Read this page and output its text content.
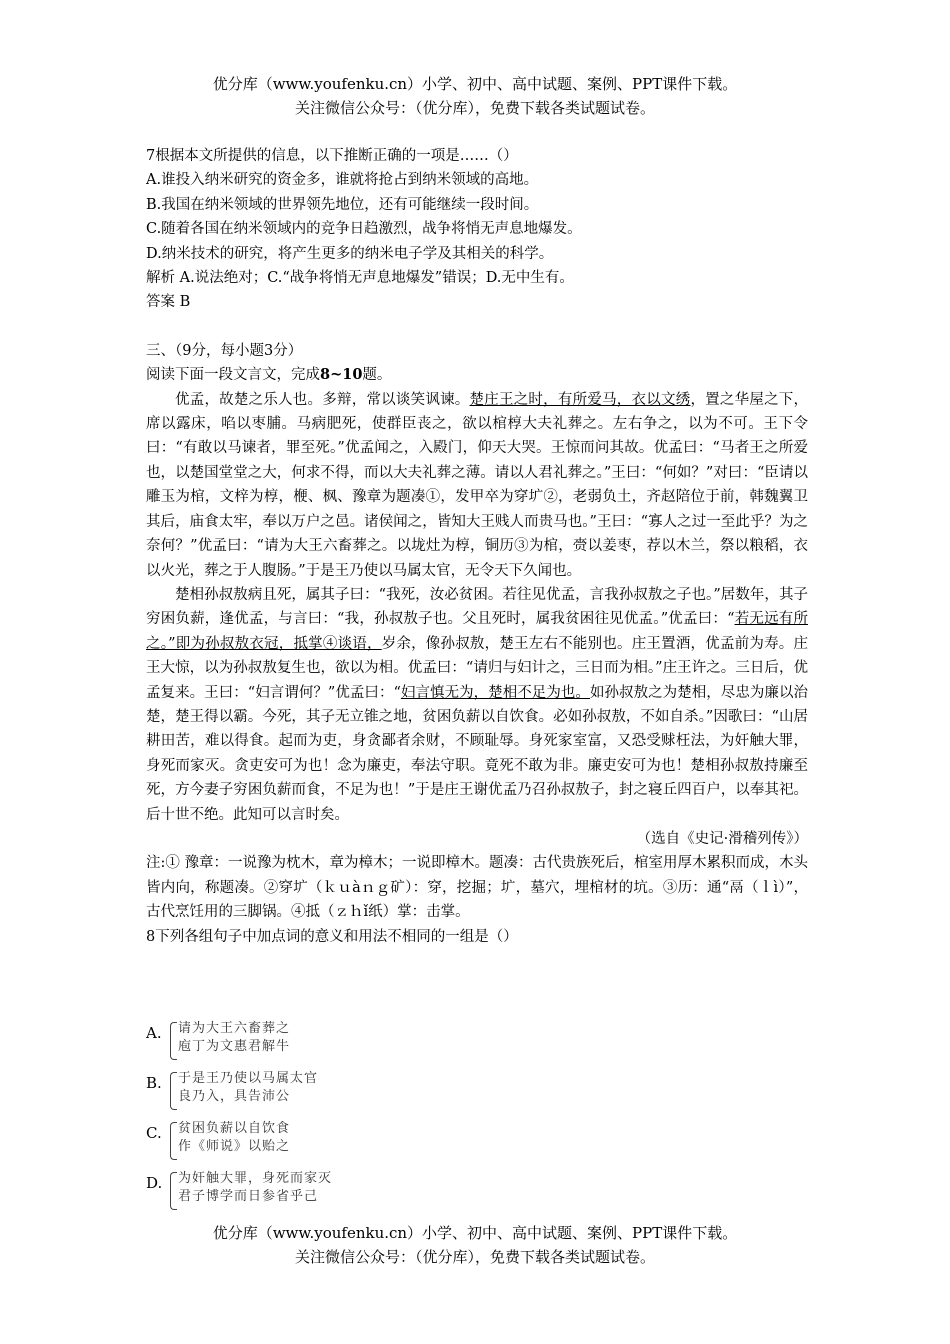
优分库（www.youfenku.cn）小学、初中、高中试题、案例、PPT课件下载。
关注微信公众号：（优分库），免费下载各类试题试卷。

7根据本文所提供的信息，以下推断正确的一项是……（）

A.谁投入纳米研究的资金多，谁就将抢占到纳米领域的高地。

B.我国在纳米领域的世界领先地位，还有可能继续一段时间。

C.随着各国在纳米领域内的竞争日趋激烈，战争将悄无声息地爆发。

D.纳米技术的研究，将产生更多的纳米电子学及其相关的科学。

解析 A.说法绝对；C.“战争将悄无声息地爆发”错误；D.无中生有。

答案 B

三、（9分，每小题3分）

阅读下面一段文言文，完成8~10题。

优孟，故楚之乐人也。多辩，常以谈笑讽谏。楚庄王之时，有所爱马，衣以文绣，置之华屋之下，席以露床，啗以枣脯。马病肥死，使群臣丧之，欲以棺椁大夫礼葬之。左右争之，以为不可。王下令曰：“有敢以马谏者，罪至死。”优孟闻之，入殿门，仰天大哭。王惊而问其故。优孟曰：“马者王之所爱也，以楚国堂堂之大，何求不得，而以大夫礼葬之薄。请以人君礼葬之。”王曰：“何如？”对曰：“臣请以雕玉为棺，文梓为椁，楩、枫、豫章为题凑①，发甲卒为穿圹②，老弱负土，齐赵陪位于前，韩魏翼卫其后，庙食太牢，奉以万户之邑。诸侯闻之，皆知大王贱人而贵马也。”王曰：“寡人之过一至此乎？为之奈何？”优孟曰：“请为大王六畜葬之。以垅灶为椁，铜历③为棺，赍以姜枣，荐以木兰，祭以粮稻，衣以火光，葬之于人腹肠。”于是王乃使以马属太官，无令天下久闻也。

楚相孙叔敖病且死，属其子曰：“我死，汝必贫困。若往见优孟，言我孙叔敖之子也。”居数年，其子穷困负薪，逢优孟，与言曰：“我，孙叔敖子也。父且死时，属我贫困往见优孟。”优孟曰：“若无远有所之。”即为孙叔敖衣冠，抵掌④谈语，岁余，像孙叔敖，楚王左右不能别也。庄王置酒，优孟前为寿。庄王大惊，以为孙叔敖复生也，欲以为相。优孟曰：“请归与妇计之，三日而为相。”庄王许之。三日后，优孟复来。王曰：“妇言谓何？”优孟曰：“妇言慎无为，楚相不足为也。如孙叔敖之为楚相，尽忠为廉以治楚，楚王得以霸。今死，其子无立锥之地，贫困负薪以自饮食。必如孙叔敖，不如自杀。”因歌曰：“山居耕田苦，难以得食。起而为吏，身贪鄙者余财，不顾耻辱。身死家室富，又恐受赇枉法，为奸触大罪，身死而家灭。贪吏安可为也！念为廉吏，奉法守职。竟死不敢为非。廉吏安可为也！楚相孙叔敖持廉至死，方今妻子穷困负薪而食，不足为也！”于是庄王谢优孟乃召孙叔敖子，封之寝丘四百户，以奉其祀。后十世不绝。此知可以言时矣。

（选自《史记·滑稽列传》）

注:① 豫章：一说豫为枕木，章为樟木；一说即樟木。题凑：古代贵族死后，棺室用厚木累积而成，木头皆内向，称题凑。②穿圹（ｋｕàｎｇ矿）：穿，挖掘；圹，墓穴，埋棺材的坑。③历：通“鬲（ｌì）”，古代烹饪用的三脚锅。④抵（ｚｈǐ纸）掌：击掌。

8下列各组句子中加点词的意义和用法不相同的一组是（）

A. 请为大王六畜葬之
庖丁为文惠君解牛
B. 于是王乃使以马属太官
良乃入，具告沛公
C. 贫困负薪以自饮食
作《师说》以贻之
D. 为奸触大罪，身死而家灭
君子博学而日参省乎己
优分库（www.youfenku.cn）小学、初中、高中试题、案例、PPT课件下载。
关注微信公众号：（优分库），免费下载各类试题试卷。
